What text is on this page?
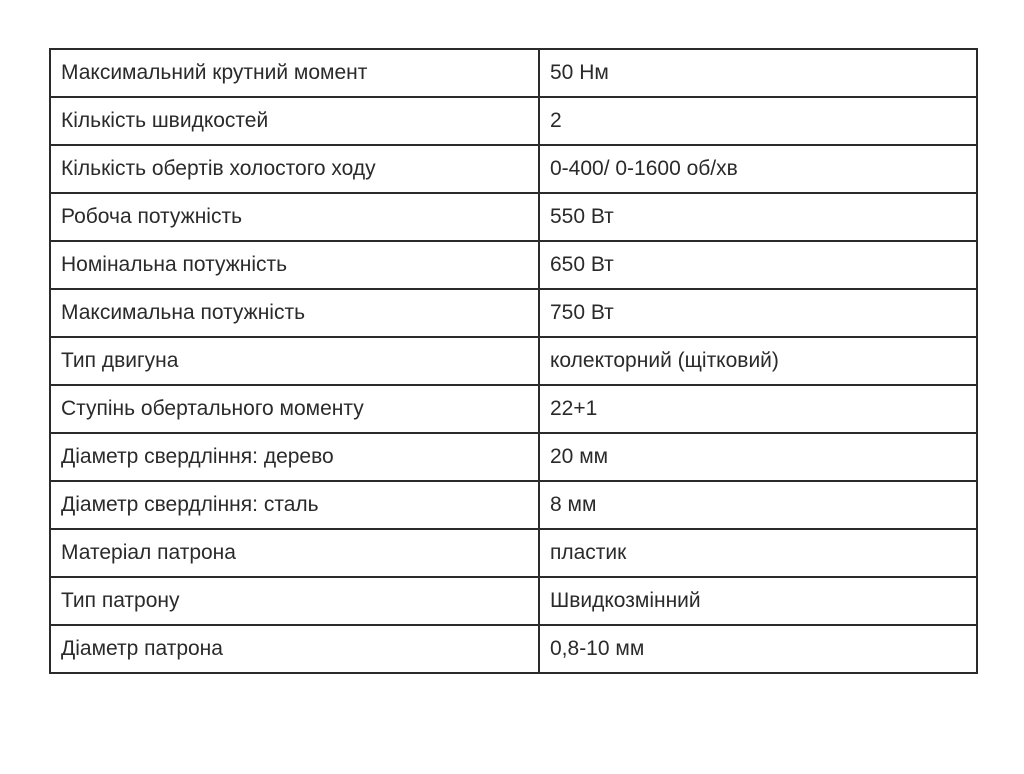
Максимальний крутний момент	50 Нм
Кількість швидкостей	2
Кількість обертів холостого ходу	0-400/ 0-1600 об/хв
Робоча потужність	550 Вт
Номінальна потужність	650 Вт
Максимальна потужність	750 Вт
Тип двигуна	колекторний (щітковий)
Ступінь обертального моменту	22+1
Діаметр свердління: дерево	20 мм
Діаметр свердління: сталь	8 мм
Матеріал патрона	пластик
Тип патрону	Швидкозмінний
Діаметр патрона	0,8-10 мм
